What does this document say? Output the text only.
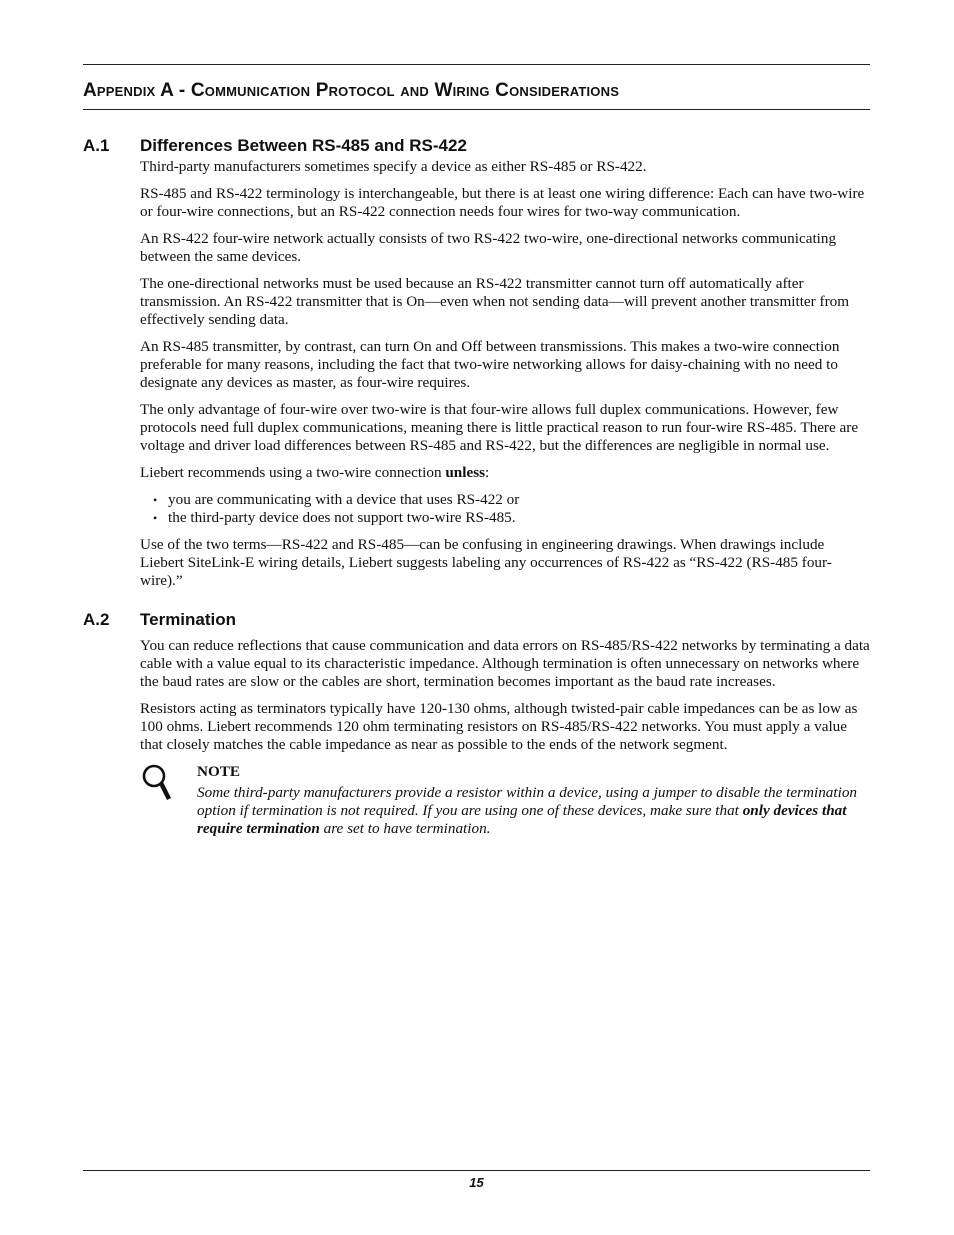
Appendix A - Communication Protocol and Wiring Considerations
A.1	Differences Between RS-485 and RS-422

Third-party manufacturers sometimes specify a device as either RS-485 or RS-422.

RS-485 and RS-422 terminology is interchangeable, but there is at least one wiring difference: Each can have two-wire or four-wire connections, but an RS-422 connection needs four wires for two-way communication.

An RS-422 four-wire network actually consists of two RS-422 two-wire, one-directional networks communicating between the same devices.

The one-directional networks must be used because an RS-422 transmitter cannot turn off automatically after transmission. An RS-422 transmitter that is On—even when not sending data—will prevent another transmitter from effectively sending data.

An RS-485 transmitter, by contrast, can turn On and Off between transmissions. This makes a two-wire connection preferable for many reasons, including the fact that two-wire networking allows for daisy-chaining with no need to designate any devices as master, as four-wire requires.

The only advantage of four-wire over two-wire is that four-wire allows full duplex communications. However, few protocols need full duplex communications, meaning there is little practical reason to run four-wire RS-485. There are voltage and driver load differences between RS-485 and RS-422, but the differences are negligible in normal use.

Liebert recommends using a two-wire connection unless:

• you are communicating with a device that uses RS-422 or
• the third-party device does not support two-wire RS-485.

Use of the two terms—RS-422 and RS-485—can be confusing in engineering drawings. When drawings include Liebert SiteLink-E wiring details, Liebert suggests labeling any occurrences of RS-422 as “RS-422 (RS-485 four-wire).”

A.2	Termination

You can reduce reflections that cause communication and data errors on RS-485/RS-422 networks by terminating a data cable with a value equal to its characteristic impedance. Although termination is often unnecessary on networks where the baud rates are slow or the cables are short, termination becomes important as the baud rate increases.

Resistors acting as terminators typically have 120-130 ohms, although twisted-pair cable impedances can be as low as 100 ohms. Liebert recommends 120 ohm terminating resistors on RS-485/RS-422 networks. You must apply a value that closely matches the cable impedance as near as possible to the ends of the network segment.

NOTE

Some third-party manufacturers provide a resistor within a device, using a jumper to disable the termination option if termination is not required. If you are using one of these devices, make sure that only devices that require termination are set to have termination.

15
